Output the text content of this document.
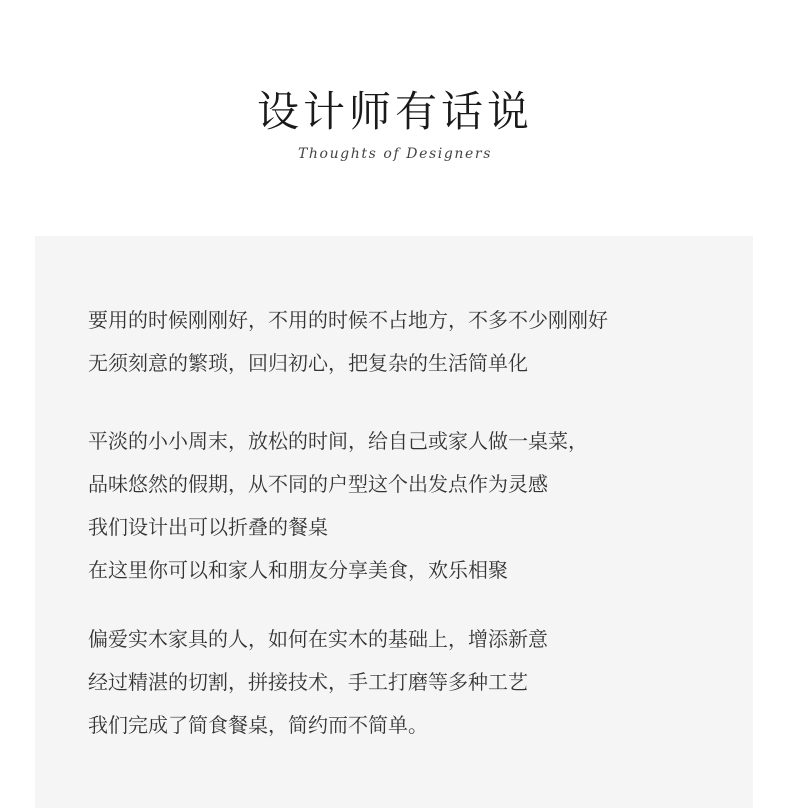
设计师有话说
Thoughts of Designers
要用的时候刚刚好，不用的时候不占地方，不多不少刚刚好
无须刻意的繁琐，回归初心，把复杂的生活简单化
平淡的小小周末，放松的时间，给自己或家人做一桌菜，
品味悠然的假期，从不同的户型这个出发点作为灵感
我们设计出可以折叠的餐桌
在这里你可以和家人和朋友分享美食，欢乐相聚
偏爱实木家具的人，如何在实木的基础上，增添新意
经过精湛的切割，拼接技术，手工打磨等多种工艺
我们完成了简食餐桌，简约而不简单。
